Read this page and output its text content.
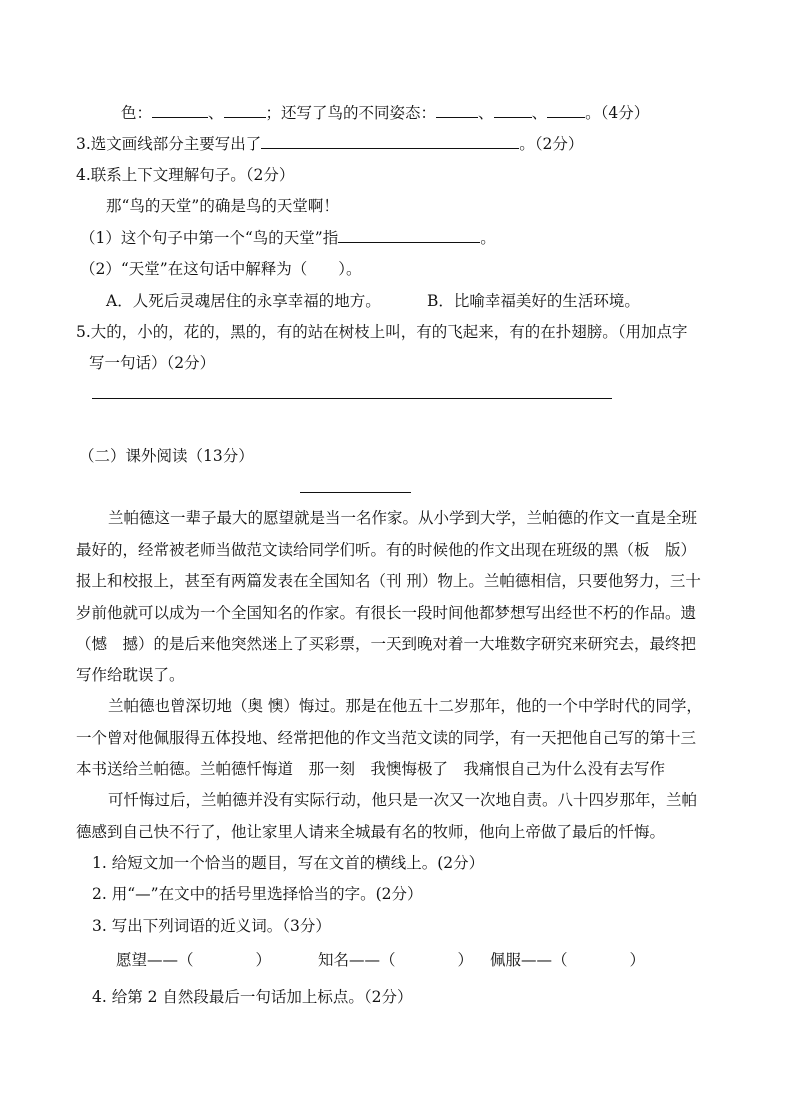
色：	、	；还写了鸟的不同姿态：	、 、 。（4分）
3.选文画线部分主要写出了	。（2分）
4.联系上下文理解句子。（2分）
那“鸟的天堂”的确是鸟的天堂啊！
（1）这个句子中第一个“鸟的天堂”指	。
（2）“天堂”在这句话中解释为（　　）。
A．人死后灵魂居住的永享幸福的地方。	B．比喻幸福美好的生活环境。
5.大的，小的，花的，黑的，有的站在树枝上叫，有的飞起来，有的在扑翅膀。（用加点字
写一句话）（2分）
（二）课外阅读（13分）
兰帕德这一辈子最大的愿望就是当一名作家。从小学到大学，兰帕德的作文一直是全班
最好的，经常被老师当做范文读给同学们听。有的时候他的作文出现在班级的黑（板　版）
报上和校报上，甚至有两篇发表在全国知名（刊 刑）物上。兰帕德相信，只要他努力，三十
岁前他就可以成为一个全国知名的作家。有很长一段时间他都梦想写出经世不朽的作品。遗
（憾　撼）的是后来他突然迷上了买彩票，一天到晚对着一大堆数字研究来研究去，最终把
写作给耽误了。
兰帕德也曾深切地（奥 懊）悔过。那是在他五十二岁那年，他的一个中学时代的同学，
一个曾对他佩服得五体投地、经常把他的作文当范文读的同学，有一天把他自己写的第十三
本书送给兰帕德。兰帕德忏悔道　那一刻　我懊悔极了　我痛恨自己为什么没有去写作
可忏悔过后，兰帕德并没有实际行动，他只是一次又一次地自责。八十四岁那年，兰帕
德感到自己快不行了，他让家里人请来全城最有名的牧师，他向上帝做了最后的忏悔。
1. 给短文加一个恰当的题目，写在文首的横线上。(2分）
2. 用“—”在文中的括号里选择恰当的字。(2分）
3. 写出下列词语的近义词。（3分）
愿望——（　　　　）	知名——（　　　　） 佩服——（　　　　）
4. 给第 2 自然段最后一句话加上标点。（2分）
